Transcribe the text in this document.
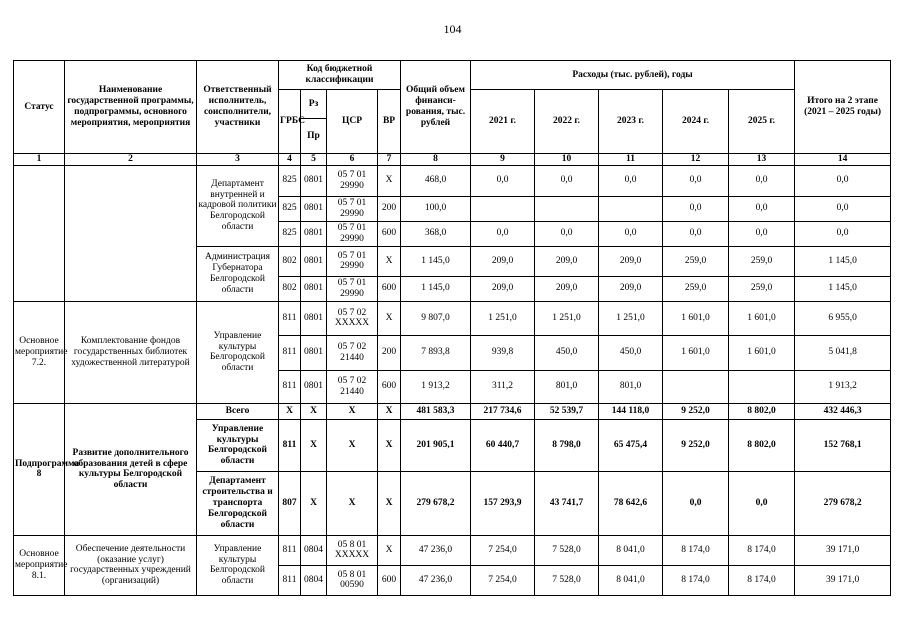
104
Статус	Наименование государственной программы, подпрограммы, основного мероприятия, мероприятия	Ответственный исполнитель, соисполнители, участники	Код бюджетной классификации				Общий объем финанси-рования, тыс. рублей	Расходы (тыс. рублей), годы					Итого на 2 этапе (2021 – 2025 годы)
			ГРБС	Рз	ЦСР	ВР		2021 г.	2022 г.	2023 г.	2024 г.	2025 г.	
				Пр									
1	2	3	4	5	6	7	8	9	10	11	12	13	14
		Департамент внутренней и кадровой политики Белгородской области	825	0801	05 7 01 29990	Х	468,0	0,0	0,0	0,0	0,0	0,0	0,0
			825	0801	05 7 01 29990	200	100,0				0,0	0,0	0,0
			825	0801	05 7 01 29990	600	368,0	0,0	0,0	0,0	0,0	0,0	0,0
		Администрация Губернатора Белгородской области	802	0801	05 7 01 29990	Х	1 145,0	209,0	209,0	209,0	259,0	259,0	1 145,0
			802	0801	05 7 01 29990	600	1 145,0	209,0	209,0	209,0	259,0	259,0	1 145,0
Основное мероприятие 7.2.	Комплектование фондов государственных библиотек художественной литературой	Управление культуры Белгородской области	811	0801	05 7 02 ХХХХХ	Х	9 807,0	1 251,0	1 251,0	1 251,0	1 601,0	1 601,0	6 955,0
			811	0801	05 7 02 21440	200	7 893,8	939,8	450,0	450,0	1 601,0	1 601,0	5 041,8
			811	0801	05 7 02 21440	600	1 913,2	311,2	801,0	801,0			1 913,2
Подпрограмма 8	Развитие дополнительного образования детей в сфере культуры Белгородской области	Всего	Х	Х	Х	Х	481 583,3	217 734,6	52 539,7	144 118,0	9 252,0	8 802,0	432 446,3
		Управление культуры Белгородской области	811	Х	Х	Х	201 905,1	60 440,7	8 798,0	65 475,4	9 252,0	8 802,0	152 768,1
		Департамент строительства и транспорта Белгородской области	807	Х	Х	Х	279 678,2	157 293,9	43 741,7	78 642,6	0,0	0,0	279 678,2
Основное мероприятие 8.1.	Обеспечение деятельности (оказание услуг) государственных учреждений (организаций)	Управление культуры Белгородской области	811	0804	05 8 01 ХХХХХ	Х	47 236,0	7 254,0	7 528,0	8 041,0	8 174,0	8 174,0	39 171,0
			811	0804	05 8 01 00590	600	47 236,0	7 254,0	7 528,0	8 041,0	8 174,0	8 174,0	39 171,0
